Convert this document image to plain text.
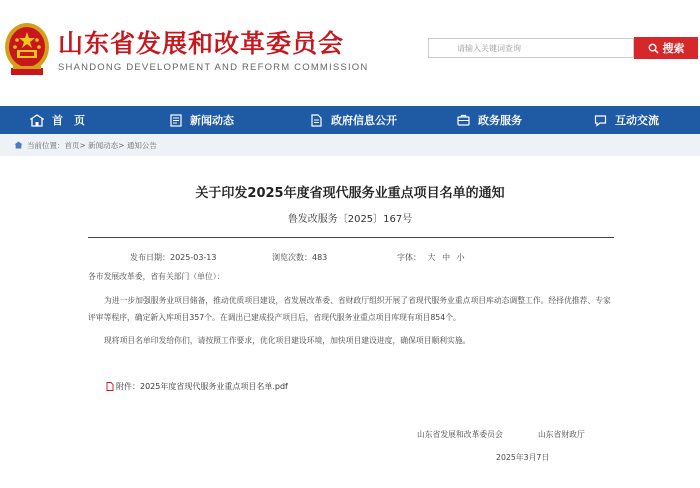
山东省发展和改革委员会
SHANDONG DEVELOPMENT AND REFORM COMMISSION
请输入关键词查询
搜索
首　页	新闻动态	政府信息公开	政务服务	互动交流
当前位置：首页> 新闻动态> 通知公告
关于印发2025年度省现代服务业重点项目名单的通知
鲁发改服务〔2025〕167号
发布日期：2025-03-13	浏览次数：483	字体： 大 中 小
各市发展改革委，省有关部门（单位）：
为进一步加强服务业项目储备，推动优质项目建设，省发展改革委、省财政厅组织开展了省现代服务业重点项目库动态调整工作。经择优推荐、专家评审等程序，确定新入库项目357个。在调出已建成投产项目后，省现代服务业重点项目库现有项目854个。
现将项目名单印发给你们，请按照工作要求，优化项目建设环境，加快项目建设进度，确保项目顺利实施。
附件：2025年度省现代服务业重点项目名单.pdf
山东省发展和改革委员会	山东省财政厅
2025年3月7日
